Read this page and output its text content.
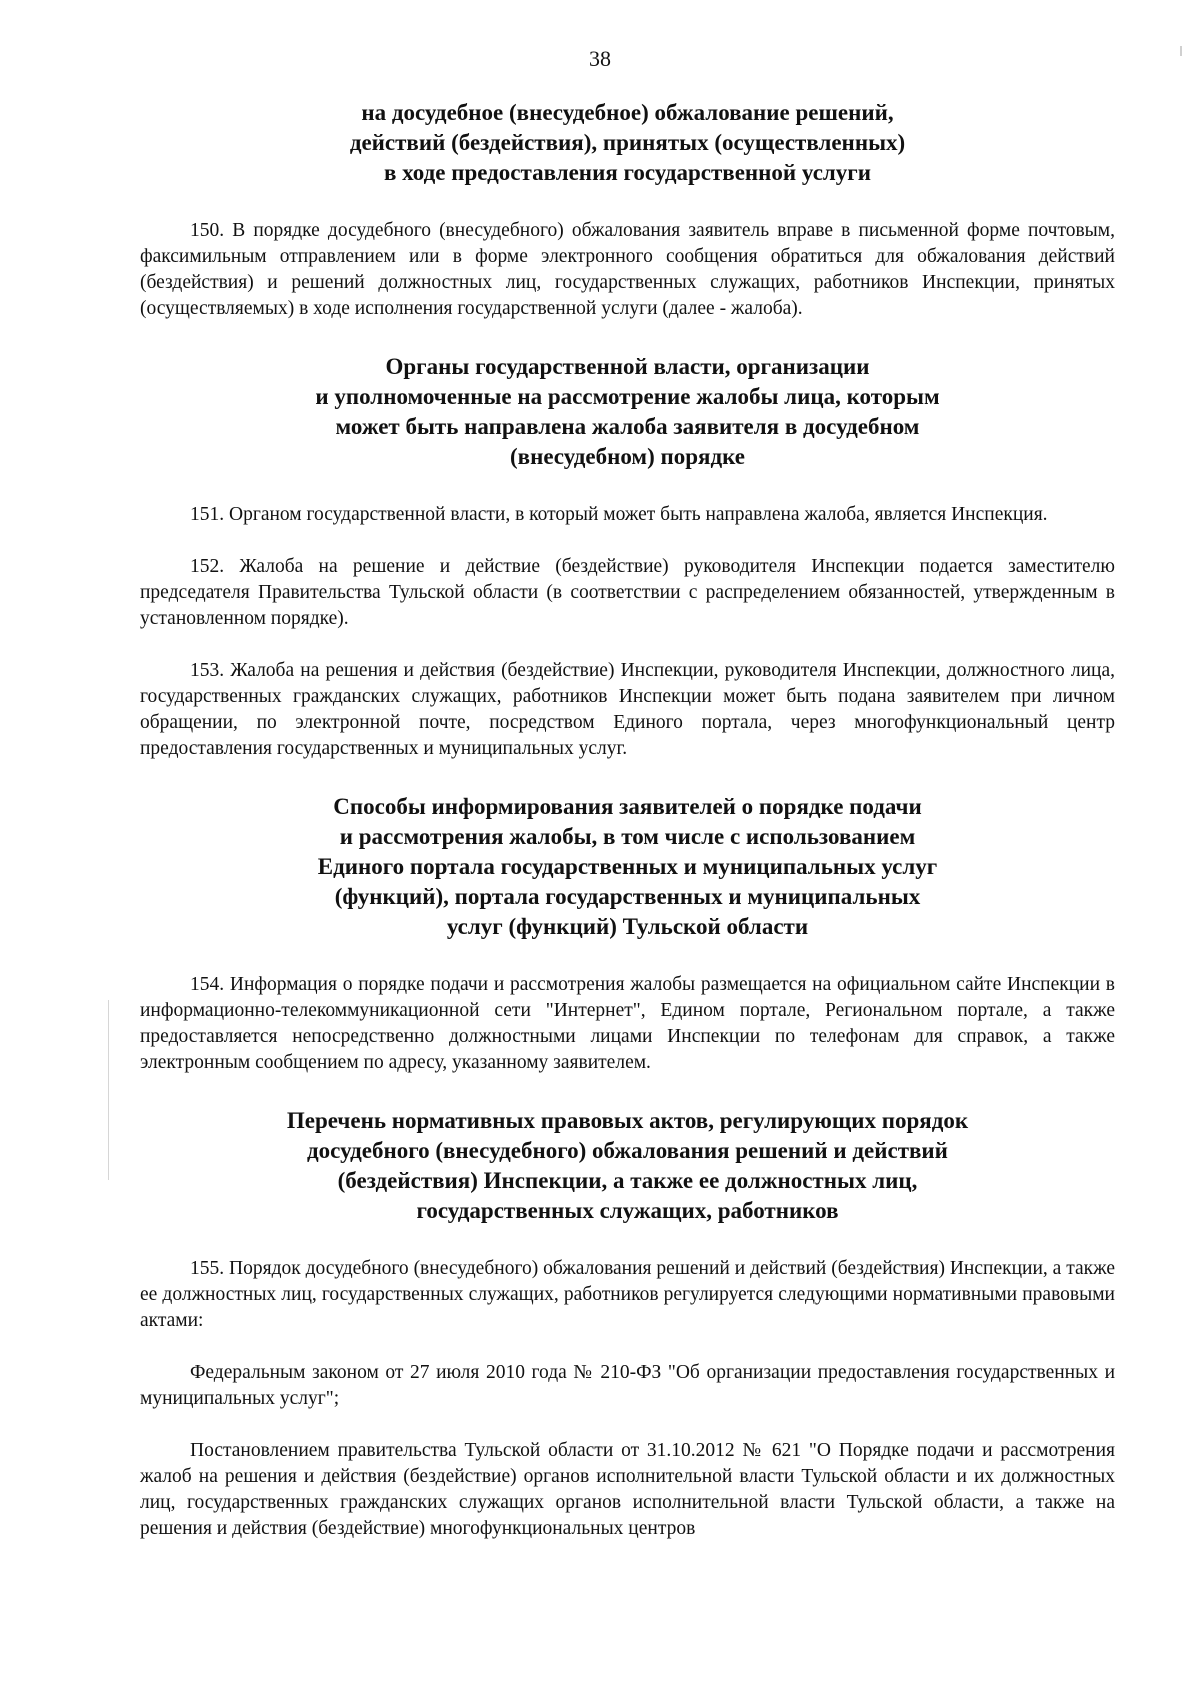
38
на досудебное (внесудебное) обжалование решений,
действий (бездействия), принятых (осуществленных)
в ходе предоставления государственной услуги

150. В порядке досудебного (внесудебного) обжалования заявитель вправе в письменной форме почтовым, факсимильным отправлением или в форме электронного сообщения обратиться для обжалования действий (бездействия) и решений должностных лиц, государственных служащих, работников Инспекции, принятых (осуществляемых) в ходе исполнения государственной услуги (далее - жалоба).

Органы государственной власти, организации
и уполномоченные на рассмотрение жалобы лица, которым
может быть направлена жалоба заявителя в досудебном
(внесудебном) порядке

151. Органом государственной власти, в который может быть направлена жалоба, является Инспекция.

152. Жалоба на решение и действие (бездействие) руководителя Инспекции подается заместителю председателя Правительства Тульской области (в соответствии с распределением обязанностей, утвержденным в установленном порядке).

153. Жалоба на решения и действия (бездействие) Инспекции, руководителя Инспекции, должностного лица, государственных гражданских служащих, работников Инспекции может быть подана заявителем при личном обращении, по электронной почте, посредством Единого портала, через многофункциональный центр предоставления государственных и муниципальных услуг.

Способы информирования заявителей о порядке подачи
и рассмотрения жалобы, в том числе с использованием
Единого портала государственных и муниципальных услуг
(функций), портала государственных и муниципальных
услуг (функций) Тульской области

154. Информация о порядке подачи и рассмотрения жалобы размещается на официальном сайте Инспекции в информационно-телекоммуникационной сети "Интернет", Едином портале, Региональном портале, а также предоставляется непосредственно должностными лицами Инспекции по телефонам для справок, а также электронным сообщением по адресу, указанному заявителем.

Перечень нормативных правовых актов, регулирующих порядок
досудебного (внесудебного) обжалования решений и действий
(бездействия) Инспекции, а также ее должностных лиц,
государственных служащих, работников

155. Порядок досудебного (внесудебного) обжалования решений и действий (бездействия) Инспекции, а также ее должностных лиц, государственных служащих, работников регулируется следующими нормативными правовыми актами:

Федеральным законом от 27 июля 2010 года № 210-ФЗ "Об организации предоставления государственных и муниципальных услуг";

Постановлением правительства Тульской области от 31.10.2012 № 621 "О Порядке подачи и рассмотрения жалоб на решения и действия (бездействие) органов исполнительной власти Тульской области и их должностных лиц, государственных гражданских служащих органов исполнительной власти Тульской области, а также на решения и действия (бездействие) многофункциональных центров
